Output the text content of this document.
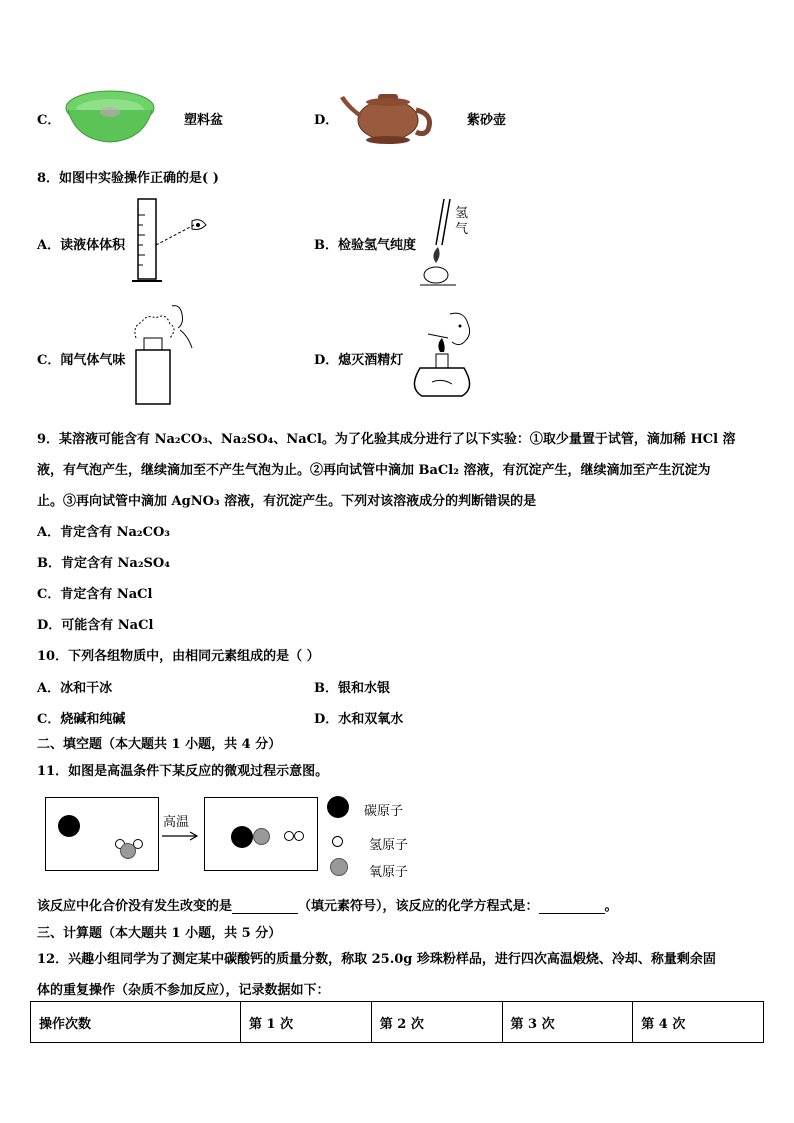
C．	塑料盆	D．	紫砂壶
8．如图中实验操作正确的是( )
A．读液体体积	B．检验氢气纯度
氢气
C．闻气体气味	D．熄灭酒精灯
9．某溶液可能含有 Na₂CO₃、Na₂SO₄、NaCl。为了化验其成分进行了以下实验：①取少量置于试管，滴加稀 HCl 溶
液，有气泡产生，继续滴加至不产生气泡为止。②再向试管中滴加 BaCl₂ 溶液，有沉淀产生，继续滴加至产生沉淀为
止。③再向试管中滴加 AgNO₃ 溶液，有沉淀产生。下列对该溶液成分的判断错误的是
A．肯定含有 Na₂CO₃
B．肯定含有 Na₂SO₄
C．肯定含有 NaCl
D．可能含有 NaCl
10．下列各组物质中，由相同元素组成的是（ ）
A．冰和干冰	B．银和水银
C．烧碱和纯碱	D．水和双氧水
二、填空题（本大题共 1 小题，共 4 分）
11．如图是高温条件下某反应的微观过程示意图。
高温
碳原子
氢原子
氧原子
该反应中化合价没有发生改变的是	（填元素符号），该反应的化学方程式是：	。
三、计算题（本大题共 1 小题，共 5 分）
12．兴趣小组同学为了测定某中碳酸钙的质量分数，称取 25.0g 珍珠粉样品，进行四次高温煅烧、冷却、称量剩余固
体的重复操作（杂质不参加反应），记录数据如下：
操作次数	第 1 次	第 2 次	第 3 次	第 4 次
